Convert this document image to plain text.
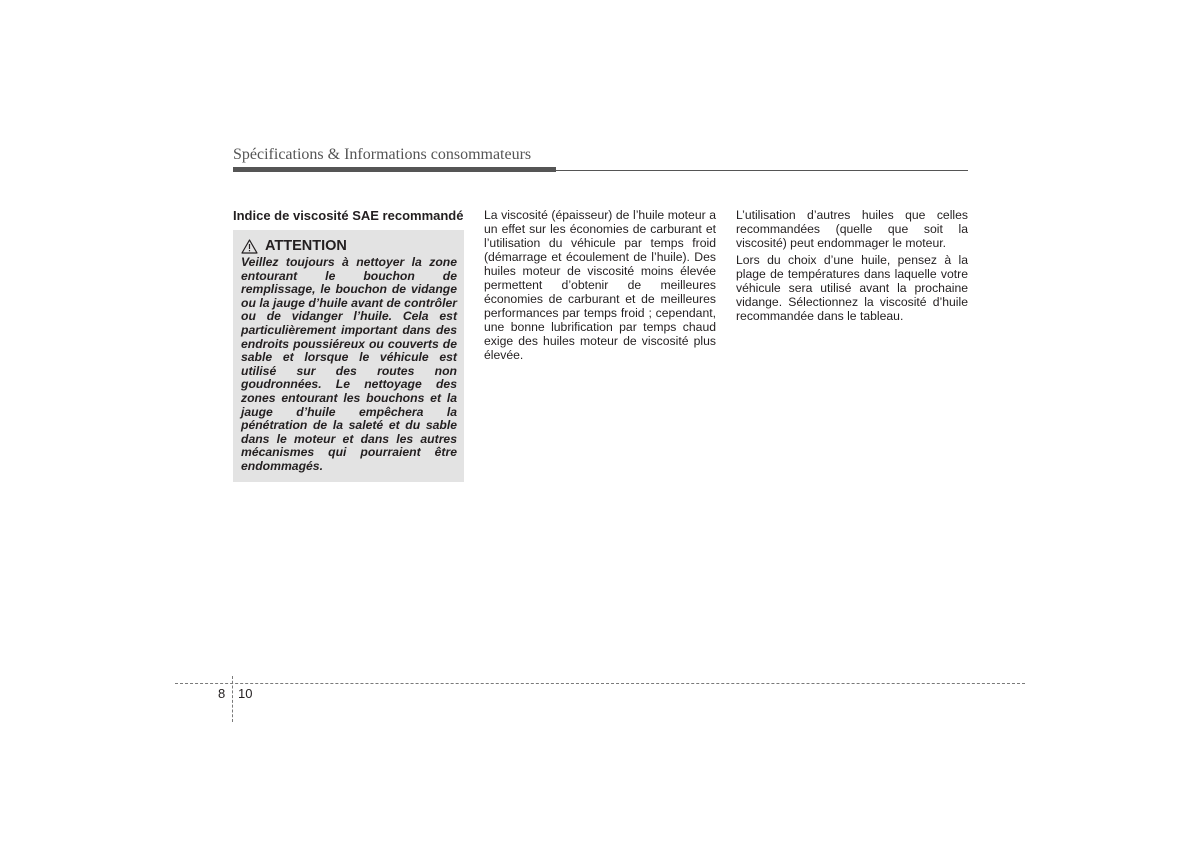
Spécifications & Informations consommateurs
Indice de viscosité SAE recommandé
ATTENTION

Veillez toujours à nettoyer la zone entourant le bouchon de remplissage, le bouchon de vidange ou la jauge d’huile avant de contrôler ou de vidanger l’huile. Cela est particulièrement important dans des endroits poussiéreux ou couverts de sable et lorsque le véhicule est utilisé sur des routes non goudronnées. Le nettoyage des zones entourant les bouchons et la jauge d’huile empêchera la pénétration de la saleté et du sable dans le moteur et dans les autres mécanismes qui pourraient être endommagés.

La viscosité (épaisseur) de l’huile moteur a un effet sur les économies de carburant et l’utilisation du véhicule par temps froid (démarrage et écoulement de l’huile). Des huiles moteur de viscosité moins élevée permettent d’obtenir de meilleures économies de carburant et de meilleures performances par temps froid ; cependant, une bonne lubrification par temps chaud exige des huiles moteur de viscosité plus élevée.

L’utilisation d’autres huiles que celles recommandées (quelle que soit la viscosité) peut endommager le moteur.

Lors du choix d’une huile, pensez à la plage de températures dans laquelle votre véhicule sera utilisé avant la prochaine vidange. Sélectionnez la viscosité d’huile recommandée dans le tableau.

8 10
